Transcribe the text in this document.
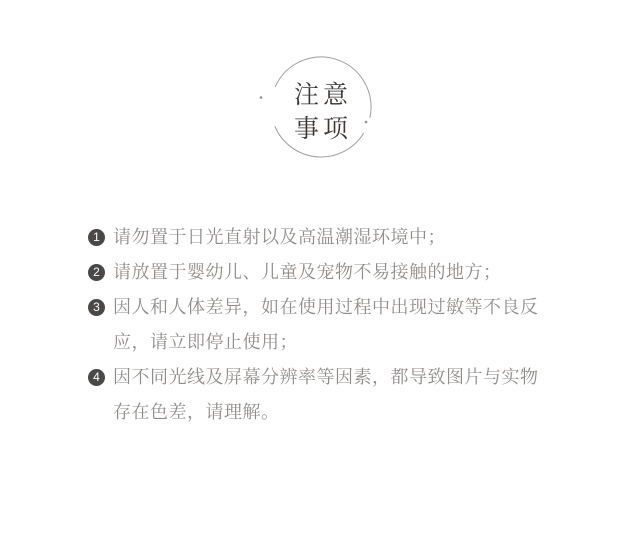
注意
事项
1 请勿置于日光直射以及高温潮湿环境中；
2 请放置于婴幼儿、儿童及宠物不易接触的地方；
3 因人和人体差异，如在使用过程中出现过敏等不良反应，请立即停止使用；
4 因不同光线及屏幕分辨率等因素，都导致图片与实物存在色差，请理解。
